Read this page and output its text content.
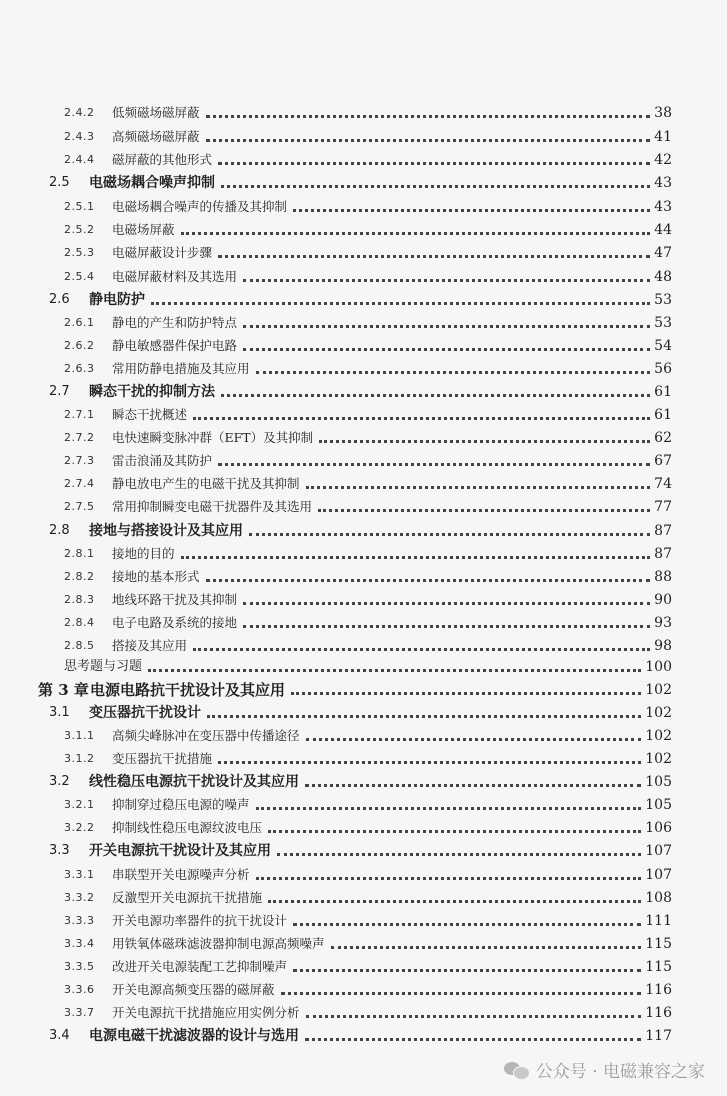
2.4.2	低频磁场磁屏蔽	38
2.4.3	高频磁场磁屏蔽	41
2.4.4	磁屏蔽的其他形式	42
2.5	电磁场耦合噪声抑制	43
2.5.1	电磁场耦合噪声的传播及其抑制	43
2.5.2	电磁场屏蔽	44
2.5.3	电磁屏蔽设计步骤	47
2.5.4	电磁屏蔽材料及其选用	48
2.6	静电防护	53
2.6.1	静电的产生和防护特点	53
2.6.2	静电敏感器件保护电路	54
2.6.3	常用防静电措施及其应用	56
2.7	瞬态干扰的抑制方法	61
2.7.1	瞬态干扰概述	61
2.7.2	电快速瞬变脉冲群（EFT）及其抑制	62
2.7.3	雷击浪涌及其防护	67
2.7.4	静电放电产生的电磁干扰及其抑制	74
2.7.5	常用抑制瞬变电磁干扰器件及其选用	77
2.8	接地与搭接设计及其应用	87
2.8.1	接地的目的	87
2.8.2	接地的基本形式	88
2.8.3	地线环路干扰及其抑制	90
2.8.4	电子电路及系统的接地	93
2.8.5	搭接及其应用	98
思考题与习题	100
第 3 章 电源电路抗干扰设计及其应用	102
3.1	变压器抗干扰设计	102
3.1.1	高频尖峰脉冲在变压器中传播途径	102
3.1.2	变压器抗干扰措施	102
3.2	线性稳压电源抗干扰设计及其应用	105
3.2.1	抑制穿过稳压电源的噪声	105
3.2.2	抑制线性稳压电源纹波电压	106
3.3	开关电源抗干扰设计及其应用	107
3.3.1	串联型开关电源噪声分析	107
3.3.2	反激型开关电源抗干扰措施	108
3.3.3	开关电源功率器件的抗干扰设计	111
3.3.4	用铁氧体磁珠滤波器抑制电源高频噪声	115
3.3.5	改进开关电源装配工艺抑制噪声	115
3.3.6	开关电源高频变压器的磁屏蔽	116
3.3.7	开关电源抗干扰措施应用实例分析	116
3.4	电源电磁干扰滤波器的设计与选用	117
公众号 · 电磁兼容之家
